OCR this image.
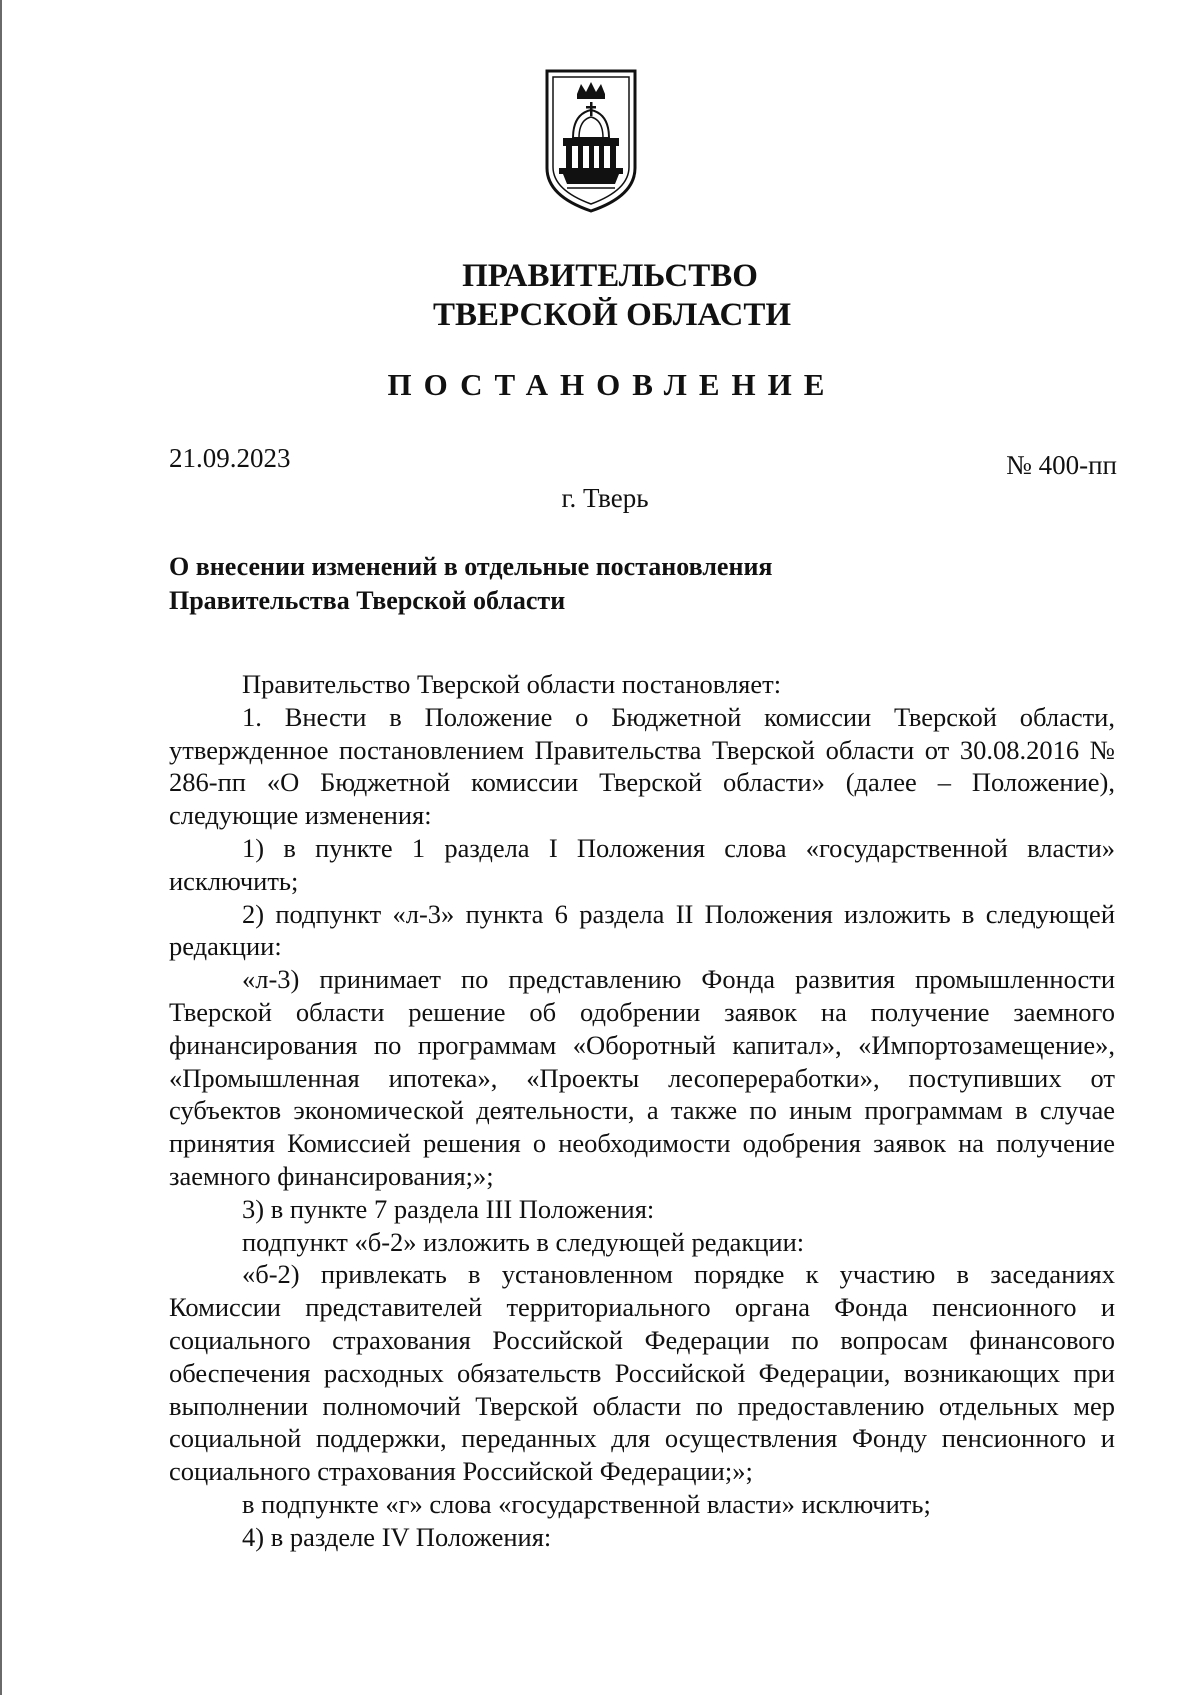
ПРАВИТЕЛЬСТВО
ТВЕРСКОЙ ОБЛАСТИ
ПОСТАНОВЛЕНИЕ
21.09.2023	№ 400-пп
г. Тверь
О внесении изменений в отдельные постановления
Правительства Тверской области

Правительство Тверской области постановляет:

1. Внести в Положение о Бюджетной комиссии Тверской области, утвержденное постановлением Правительства Тверской области от 30.08.2016 № 286-пп «О Бюджетной комиссии Тверской области» (далее – Положение), следующие изменения:

1) в пункте 1 раздела I Положения слова «государственной власти» исключить;

2) подпункт «л-3» пункта 6 раздела II Положения изложить в следующей редакции:

«л-3) принимает по представлению Фонда развития промышленности Тверской области решение об одобрении заявок на получение заемного финансирования по программам «Оборотный капитал», «Импортозамещение», «Промышленная ипотека», «Проекты лесопереработки», поступивших от субъектов экономической деятельности, а также по иным программам в случае принятия Комиссией решения о необходимости одобрения заявок на получение заемного финансирования;»;

3) в пункте 7 раздела III Положения:

подпункт «б-2» изложить в следующей редакции:

«б-2) привлекать в установленном порядке к участию в заседаниях Комиссии представителей территориального органа Фонда пенсионного и социального страхования Российской Федерации по вопросам финансового обеспечения расходных обязательств Российской Федерации, возникающих при выполнении полномочий Тверской области по предоставлению отдельных мер социальной поддержки, переданных для осуществления Фонду пенсионного и социального страхования Российской Федерации;»;

в подпункте «г» слова «государственной власти» исключить;

4) в разделе IV Положения:
